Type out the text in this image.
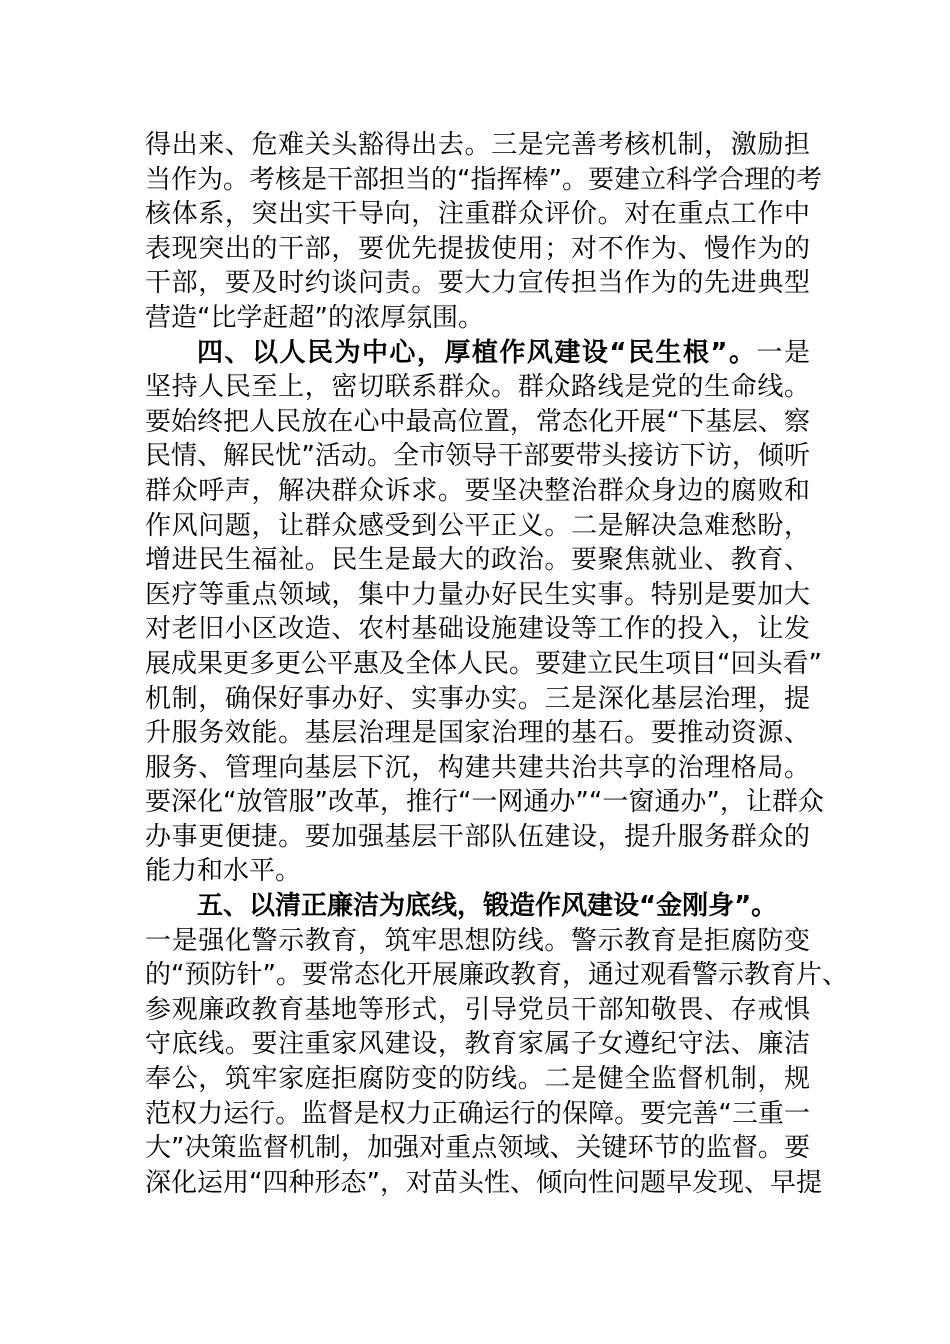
得出来、危难关头豁得出去。三是完善考核机制，激励担
当作为。考核是干部担当的“指挥棒”。要建立科学合理的考
核体系，突出实干导向，注重群众评价。对在重点工作中
表现突出的干部，要优先提拔使用；对不作为、慢作为的
干部，要及时约谈问责。要大力宣传担当作为的先进典型
营造“比学赶超”的浓厚氛围。
四、以人民为中心，厚植作风建设“民生根”。一是
坚持人民至上，密切联系群众。群众路线是党的生命线。
要始终把人民放在心中最高位置，常态化开展“下基层、察
民情、解民忧”活动。全市领导干部要带头接访下访，倾听
群众呼声，解决群众诉求。要坚决整治群众身边的腐败和
作风问题，让群众感受到公平正义。二是解决急难愁盼，
增进民生福祉。民生是最大的政治。要聚焦就业、教育、
医疗等重点领域，集中力量办好民生实事。特别是要加大
对老旧小区改造、农村基础设施建设等工作的投入，让发
展成果更多更公平惠及全体人民。要建立民生项目“回头看”
机制，确保好事办好、实事办实。三是深化基层治理，提
升服务效能。基层治理是国家治理的基石。要推动资源、
服务、管理向基层下沉，构建共建共治共享的治理格局。
要深化“放管服”改革，推行“一网通办”“一窗通办”，让群众
办事更便捷。要加强基层干部队伍建设，提升服务群众的
能力和水平。
五、以清正廉洁为底线，锻造作风建设“金刚身”。
一是强化警示教育，筑牢思想防线。警示教育是拒腐防变
的“预防针”。要常态化开展廉政教育，通过观看警示教育片、
参观廉政教育基地等形式，引导党员干部知敬畏、存戒惧
守底线。要注重家风建设，教育家属子女遵纪守法、廉洁
奉公，筑牢家庭拒腐防变的防线。二是健全监督机制，规
范权力运行。监督是权力正确运行的保障。要完善“三重一
大”决策监督机制，加强对重点领域、关键环节的监督。要
深化运用“四种形态”，对苗头性、倾向性问题早发现、早提
